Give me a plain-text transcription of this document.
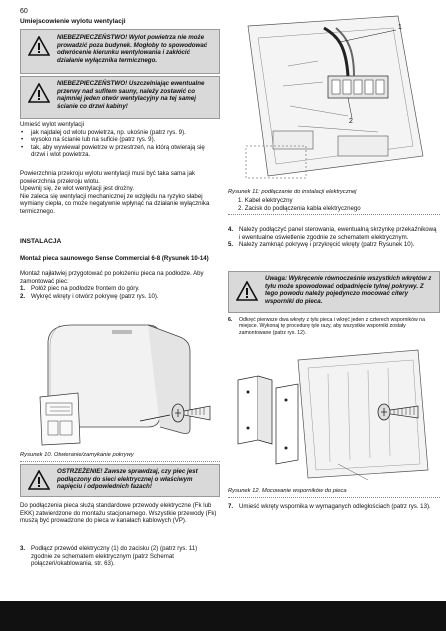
60
Umiejscowienie wylotu wentylacji
NIEBEZPIECZEŃSTWO! Wylot powietrza nie może prowadzić poza budynek. Mogłoby to spowodować odwrócenie kierunku wentylowania i zakłócić działanie wyłącznika termicznego.
NIEBEZPIECZEŃSTWO! Uszczelniając ewentualne przerwy nad sufitem sauny, należy zostawić co najmniej jeden otwór wentylacyjny na tej samej ścianie co drzwi kabiny!
Umieść wylot wentylacji
• jak najdalej od wlotu powietrza, np. ukośnie (patrz rys. 9).
• wysoko na ścianie lub na suficie (patrz rys. 9).
• tak, aby wywiewał powietrze w przestrzeń, na którą otwierają się drzwi i wlot powietrza.
Powierzchnia przekroju wylotu wentylacji musi być taka sama jak powierzchnia przekroju wlotu.
Upewnij się, że wlot wentylacji jest drożny.
Nie zaleca się wentylacji mechanicznej ze względu na ryzyko słabej wymiany ciepła, co może negatywnie wpłynąć na działanie wyłącznika termicznego.
INSTALACJA
Montaż pieca saunowego Sense Commercial 6-8 (Rysunek 10-14)
Montaż najłatwiej przygotować po położeniu pieca na podłodze. Aby zamontować piec:
1. Połóż piec na podłodze frontem do góry.
2. Wykręć wkręty i otwórz pokrywę (patrz rys. 10).
Rysunek 10. Otwieranie/zamykanie pokrywy
OSTRZEŻENIE! Zawsze sprawdzaj, czy piec jest podłączony do sieci elektrycznej o właściwym napięciu i odpowiednich fazach!
Do podłączenia pieca służą standardowe przewody elektryczne (Fk lub EKK) zatwierdzone do montażu stacjonarnego. Wszystkie przewody (Fk) muszą być prowadzone do pieca w kanałach kablowych (VP).
3. Podłącz przewód elektryczny (1) do zacisku (2) (patrz rys. 11) zgodnie ze schematem elektrycznym (patrz Schemat połączeń/okablowania, str. 63).
1
2
Rysunek 11: podłączanie do instalacji elektrycznej
1. Kabel elektryczny
2. Zacisk do podłączenia kabla elektrycznego
4. Należy podłączyć panel sterowania, ewentualną skrzynkę przekaźnikową i ewentualne oświetlenie zgodnie ze schematem elektrycznym.
5. Należy zamknąć pokrywę i przykręcić wkręty (patrz Rysunek 10).
Uwaga: Wykręcenie równocześnie wszystkich wkrętów z tyłu może spowodować odpadnięcie tylnej pokrywy. Z tego powodu należy pojedynczo mocować citery wsporniki do pieca.
6. Odkręć pierwsze dwa wkręty z tyłu pieca i wkręć jeden z czterech wsporników na miejsce. Wykonaj tę procedurę tyle razy, aby wszystkie wsporniki zostały zamontowane (patrz rys. 12).
Rysunek 12. Mocowanie wsporników do pieca
7. Umieść wkręty wspornika w wymaganych odległościach (patrz rys. 13).
